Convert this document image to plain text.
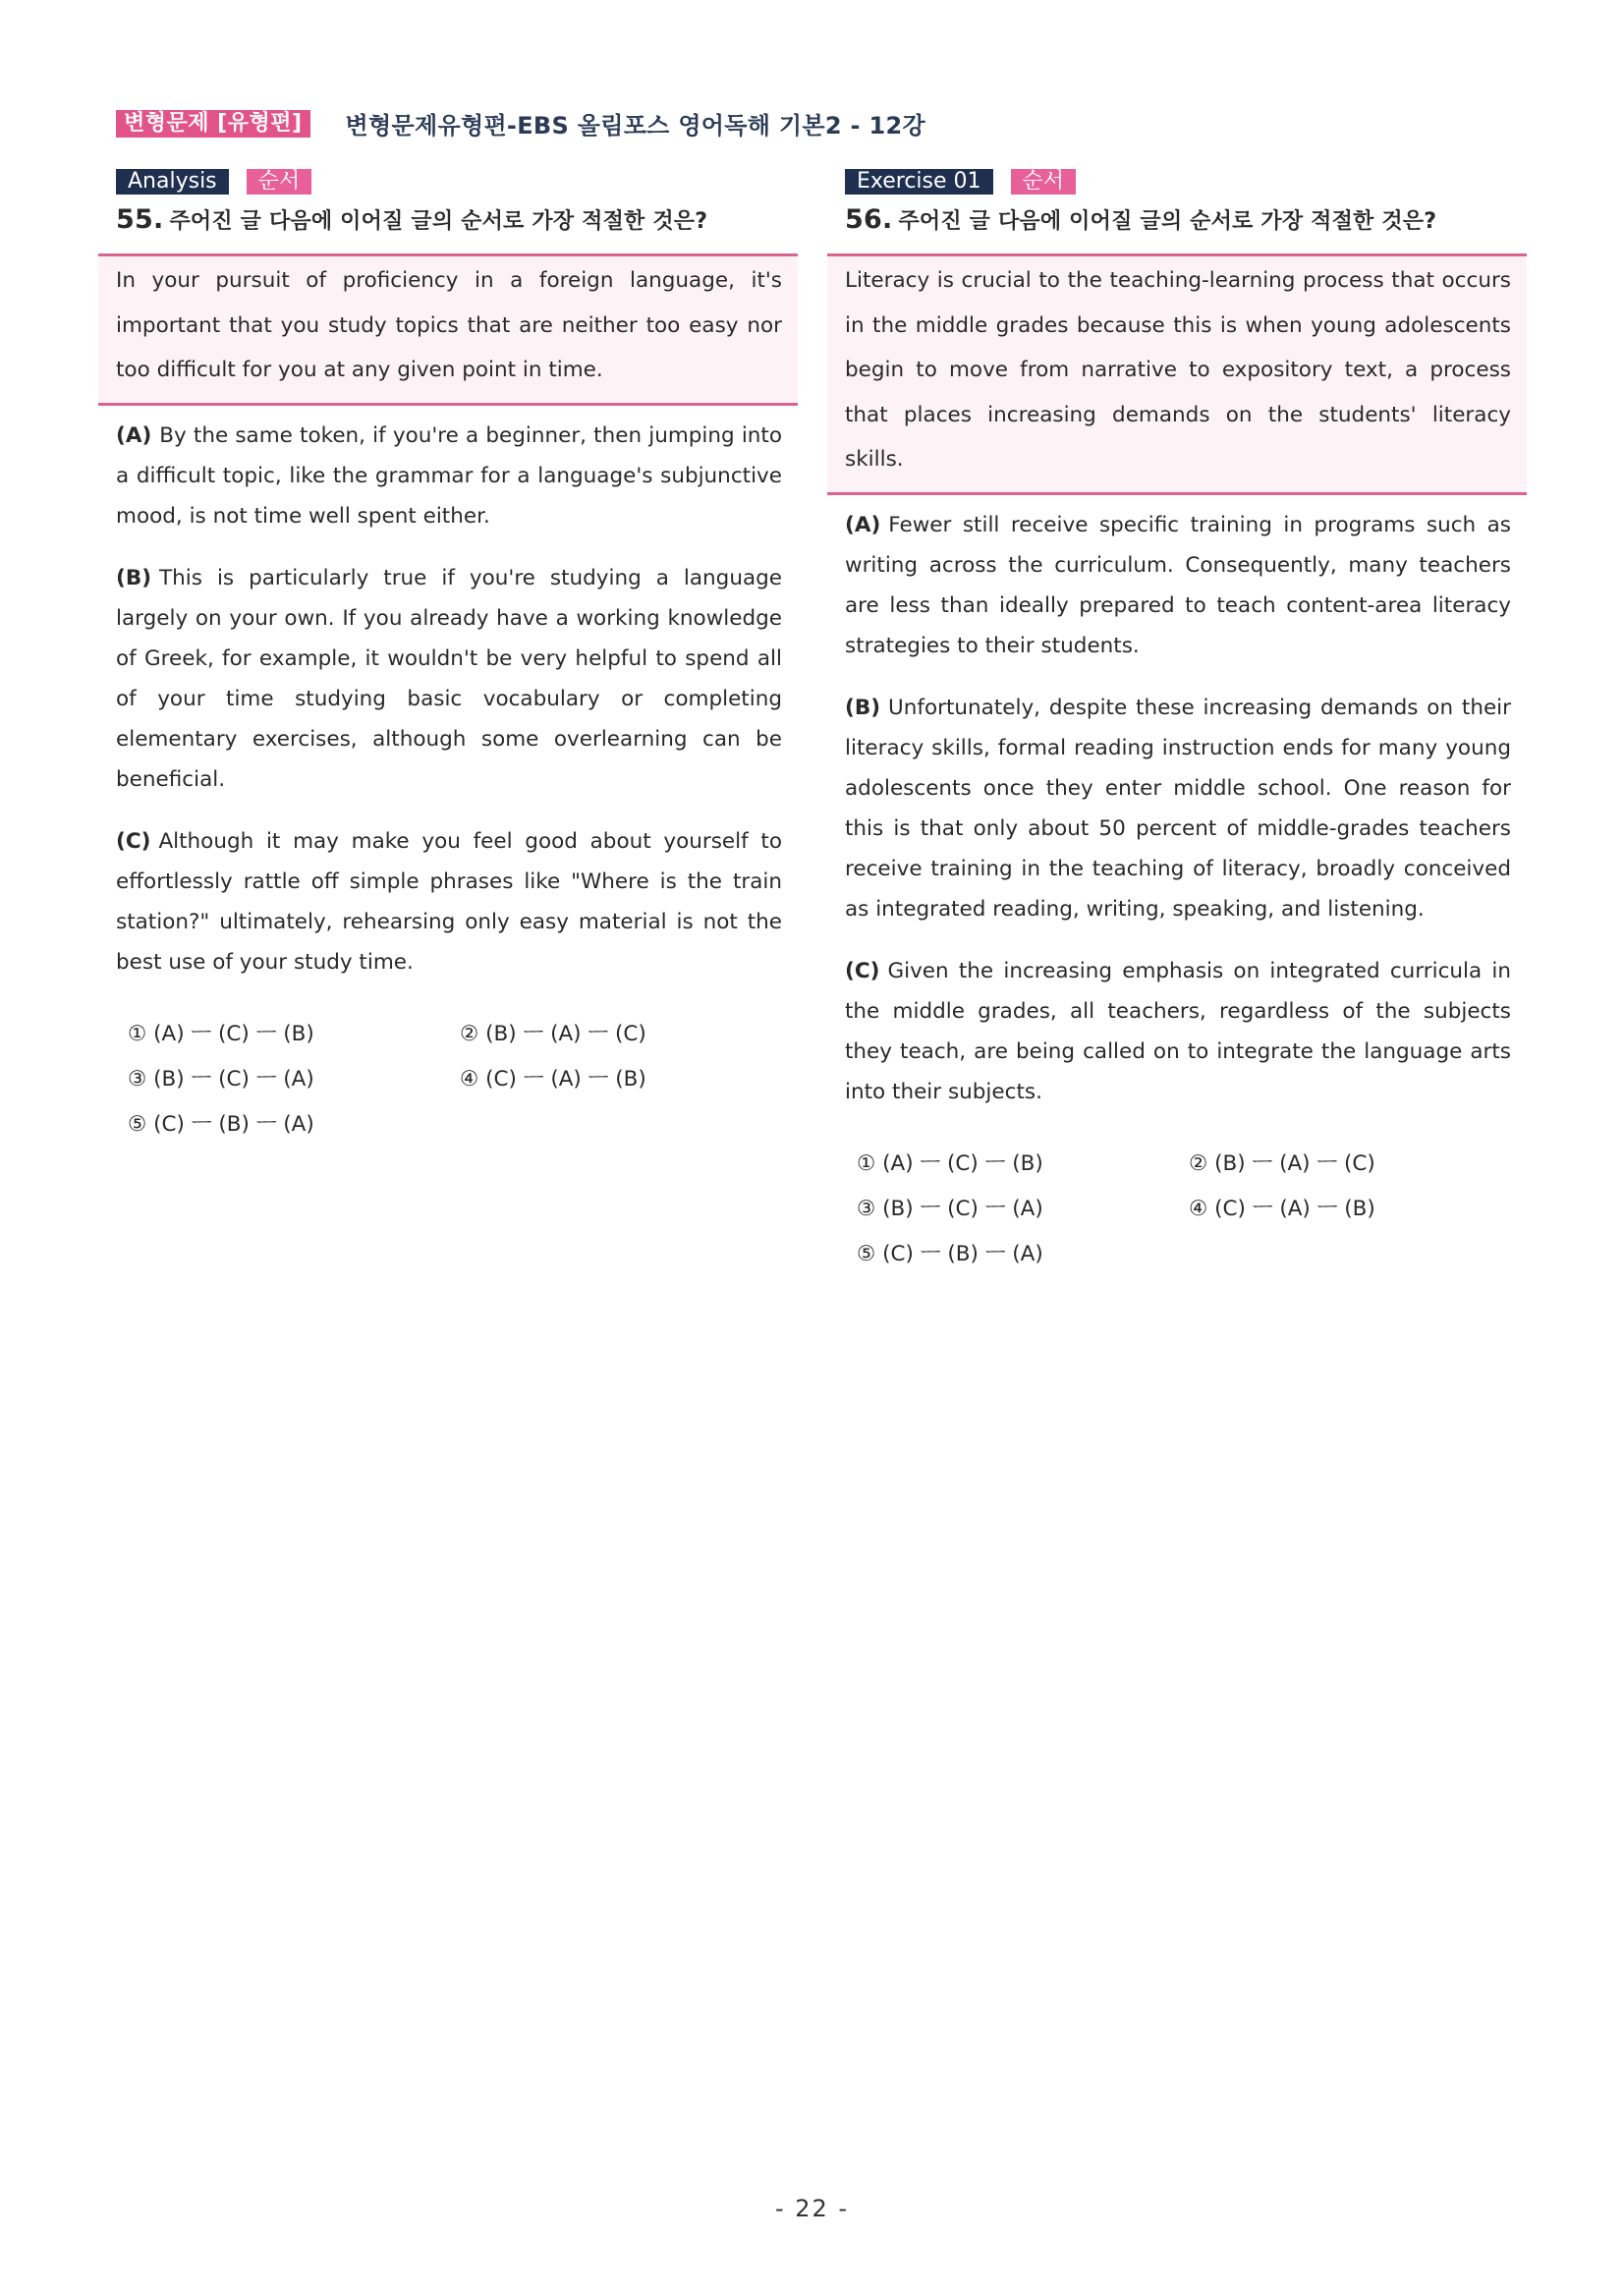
변형문제 [유형편]	변형문제유형편-EBS 올림포스 영어독해 기본2 - 12강
Analysis	순서
55. 주어진 글 다음에 이어질 글의 순서로 가장 적절한 것은?
In your pursuit of proficiency in a foreign language, it's important that you study topics that are neither too easy nor too difficult for you at any given point in time.
(A) By the same token, if you're a beginner, then jumping into a difficult topic, like the grammar for a language's subjunctive mood, is not time well spent either.
(B) This is particularly true if you're studying a language largely on your own. If you already have a working knowledge of Greek, for example, it wouldn't be very helpful to spend all of your time studying basic vocabulary or completing elementary exercises, although some overlearning can be beneficial.
(C) Although it may make you feel good about yourself to effortlessly rattle off simple phrases like "Where is the train station?" ultimately, rehearsing only easy material is not the best use of your study time.
① (A) ㅡ (C) ㅡ (B)	② (B) ㅡ (A) ㅡ (C)
③ (B) ㅡ (C) ㅡ (A)	④ (C) ㅡ (A) ㅡ (B)
⑤ (C) ㅡ (B) ㅡ (A)
Exercise 01	순서
56. 주어진 글 다음에 이어질 글의 순서로 가장 적절한 것은?
Literacy is crucial to the teaching-learning process that occurs in the middle grades because this is when young adolescents begin to move from narrative to expository text, a process that places increasing demands on the students' literacy skills.
(A) Fewer still receive specific training in programs such as writing across the curriculum. Consequently, many teachers are less than ideally prepared to teach content-area literacy strategies to their students.
(B) Unfortunately, despite these increasing demands on their literacy skills, formal reading instruction ends for many young adolescents once they enter middle school. One reason for this is that only about 50 percent of middle-grades teachers receive training in the teaching of literacy, broadly conceived as integrated reading, writing, speaking, and listening.
(C) Given the increasing emphasis on integrated curricula in the middle grades, all teachers, regardless of the subjects they teach, are being called on to integrate the language arts into their subjects.
① (A) ㅡ (C) ㅡ (B)	② (B) ㅡ (A) ㅡ (C)
③ (B) ㅡ (C) ㅡ (A)	④ (C) ㅡ (A) ㅡ (B)
⑤ (C) ㅡ (B) ㅡ (A)
- 22 -
